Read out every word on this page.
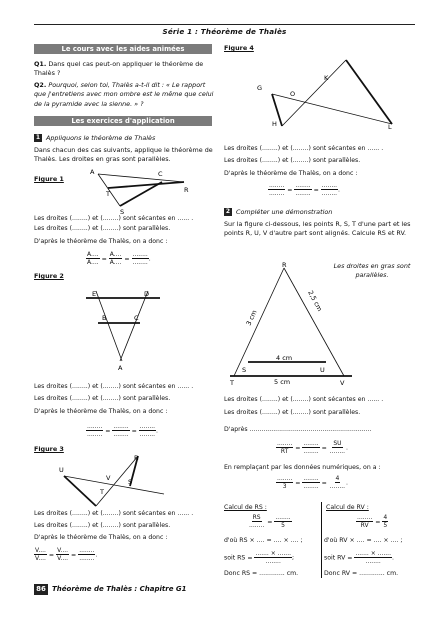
Série 1 : Théorème de Thalès
Le cours avec les aides animées
Q1. Dans quel cas peut-on appliquer le théorème de Thalès ?
Q2. Pourquoi, selon toi, Thalès a-t-il dit : « Le rapport que j'entretiens avec mon ombre est le même que celui de la pyramide avec la sienne. » ?
Les exercices d'application
1 Appliquons le théorème de Thalès
Dans chacun des cas suivants, applique le théorème de Thalès. Les droites en gras sont parallèles.
Figure 1
A	C
R
T
S
Les droites (........) et (........) sont sécantes en ...... .
Les droites (........) et (........) sont parallèles.
D'après le théorème de Thalès, on a donc :
$\frac{A....}{A....} = \frac{A....}{A....} = \frac{........}{........}$ .
Figure 2
E	D
B	C
A
Les droites (........) et (........) sont sécantes en ...... .
Les droites (........) et (........) sont parallèles.
D'après le théorème de Thalès, on a donc :
$\frac{........}{........} = \frac{........}{........} = \frac{........}{........}$ .
Figure 3
R
U
V
T
S
Les droites (........) et (........) sont sécantes en ...... .
Les droites (........) et (........) sont parallèles.
D'après le théorème de Thalès, on a donc :
$\frac{V....}{V....} = \frac{V....}{V....} = \frac{........}{........}$ .
Figure 4
G
O
K
H	L
Les droites (........) et (........) sont sécantes en ...... .
Les droites (........) et (........) sont parallèles.
D'après le théorème de Thalès, on a donc :
$\frac{........}{........} = \frac{........}{........} = \frac{........}{........}$ .
2 Compléter une démonstration
Sur la figure ci-dessous, les points R, S, T d'une part et les points R, U, V d'autre part sont alignés. Calcule RS et RV.
R
S	U
T	V
3 cm
2,5 cm
4 cm
5 cm
Les droites en gras sont parallèles.
Les droites (........) et (........) sont sécantes en ...... .
Les droites (........) et (........) sont parallèles.
D'après ..............................................................
$\frac{........}{RT} = \frac{........}{........} = \frac{SU}{........}$ .
En remplaçant par les données numériques, on a :
$\frac{........}{3} = \frac{........}{........} = \frac{4}{........}$ .
Calcul de RS :	Calcul de RV :
$\frac{RS}{........} = \frac{........}{5}$	$\frac{........}{RV} = \frac{4}{5}$
d'où RS × .... = .... × .... ;	d'où RV × .... = .... × .... ;
soit RS = $\frac{....... \times .......}{........}$ ;	soit RV = $\frac{....... \times .......}{........}$ .
Donc RS = ............. cm.	Donc RV = ............. cm.
86 Théorème de Thalès : Chapitre G1
